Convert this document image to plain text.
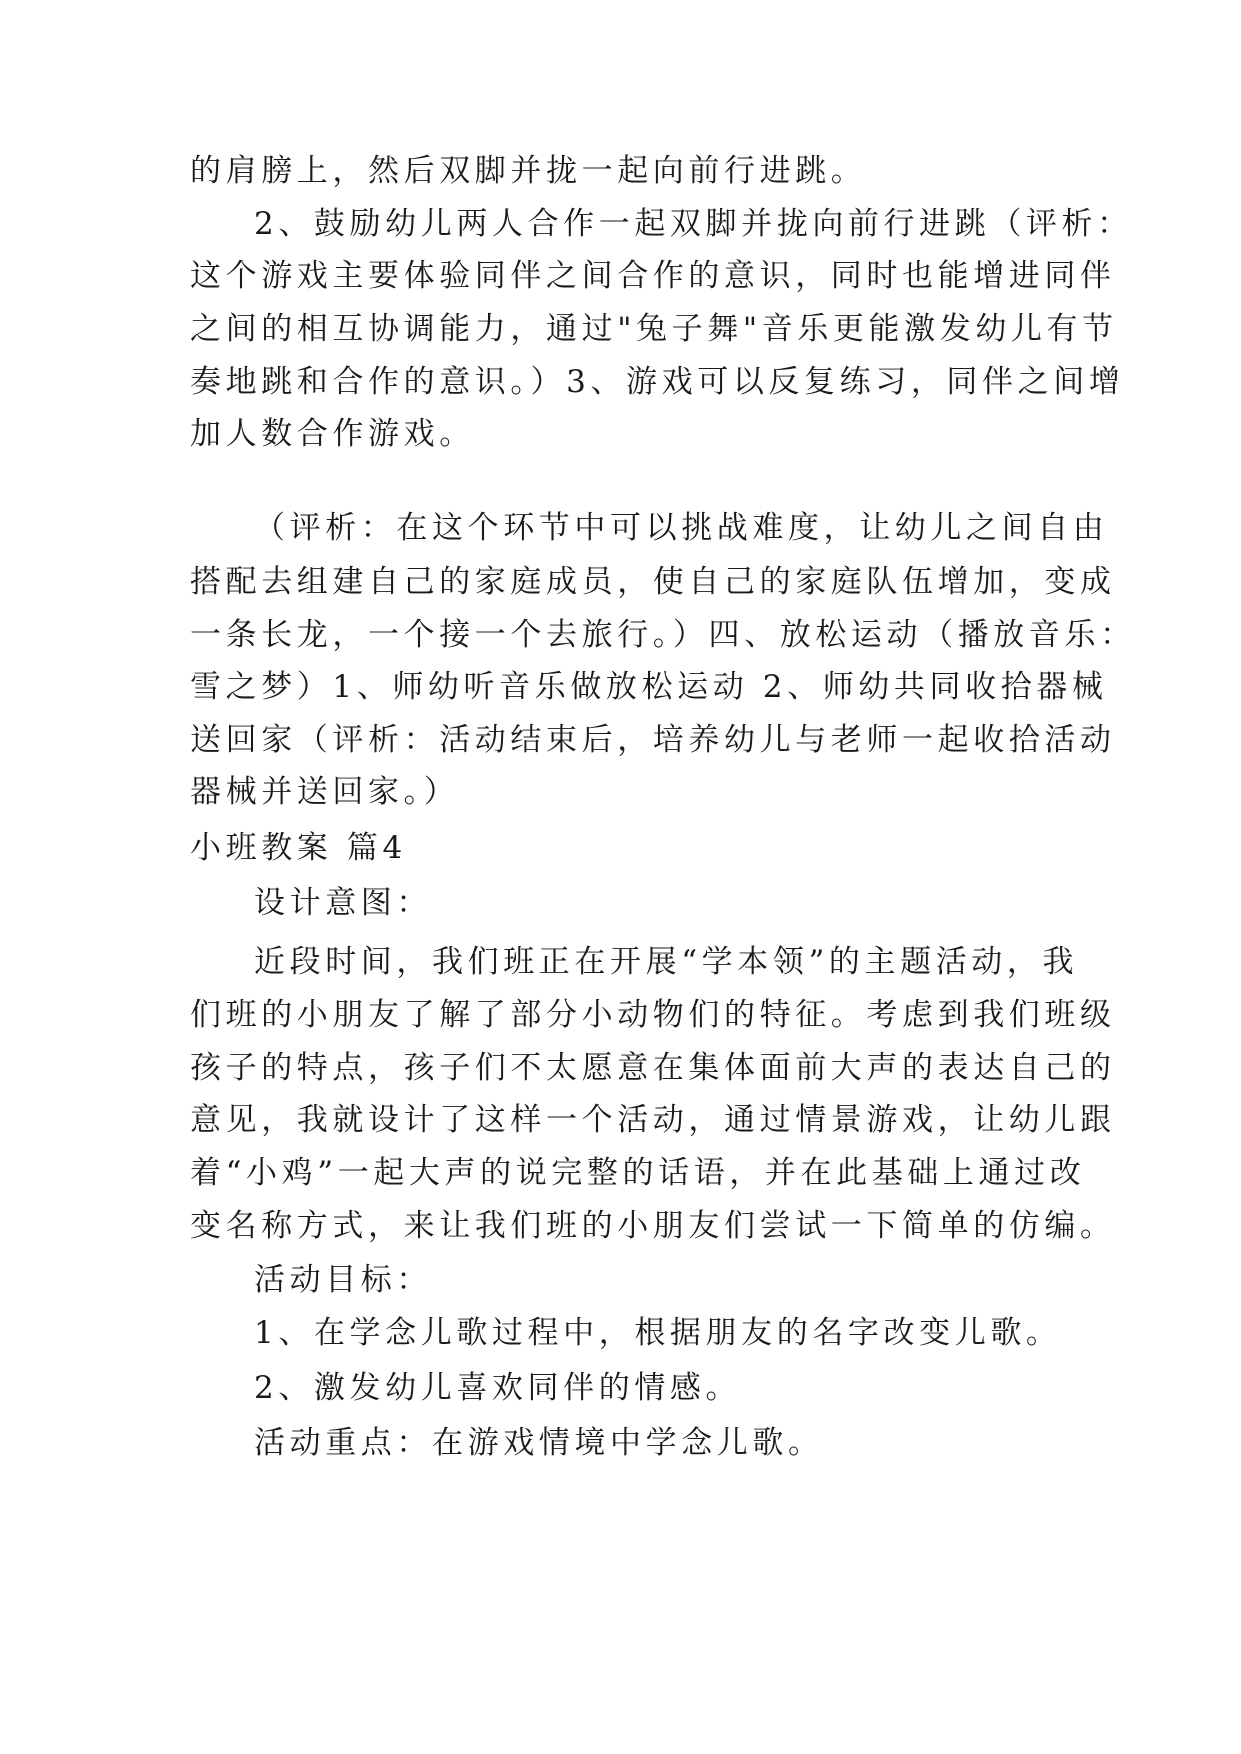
的肩膀上，然后双脚并拢一起向前行进跳。
2、鼓励幼儿两人合作一起双脚并拢向前行进跳（评析：
这个游戏主要体验同伴之间合作的意识，同时也能增进同伴
之间的相互协调能力，通过"兔子舞"音乐更能激发幼儿有节
奏地跳和合作的意识。）3、游戏可以反复练习，同伴之间增
加人数合作游戏。
（评析：在这个环节中可以挑战难度，让幼儿之间自由
搭配去组建自己的家庭成员，使自己的家庭队伍增加，变成
一条长龙，一个接一个去旅行。）四、放松运动（播放音乐：
雪之梦）1、师幼听音乐做放松运动 2、师幼共同收拾器械
送回家（评析：活动结束后，培养幼儿与老师一起收拾活动
器械并送回家。）
小班教案 篇4
设计意图：
近段时间，我们班正在开展“学本领”的主题活动，我
们班的小朋友了解了部分小动物们的特征。考虑到我们班级
孩子的特点，孩子们不太愿意在集体面前大声的表达自己的
意见，我就设计了这样一个活动，通过情景游戏，让幼儿跟
着“小鸡”一起大声的说完整的话语，并在此基础上通过改
变名称方式，来让我们班的小朋友们尝试一下简单的仿编。
活动目标：
1、在学念儿歌过程中，根据朋友的名字改变儿歌。
2、激发幼儿喜欢同伴的情感。
活动重点：在游戏情境中学念儿歌。
